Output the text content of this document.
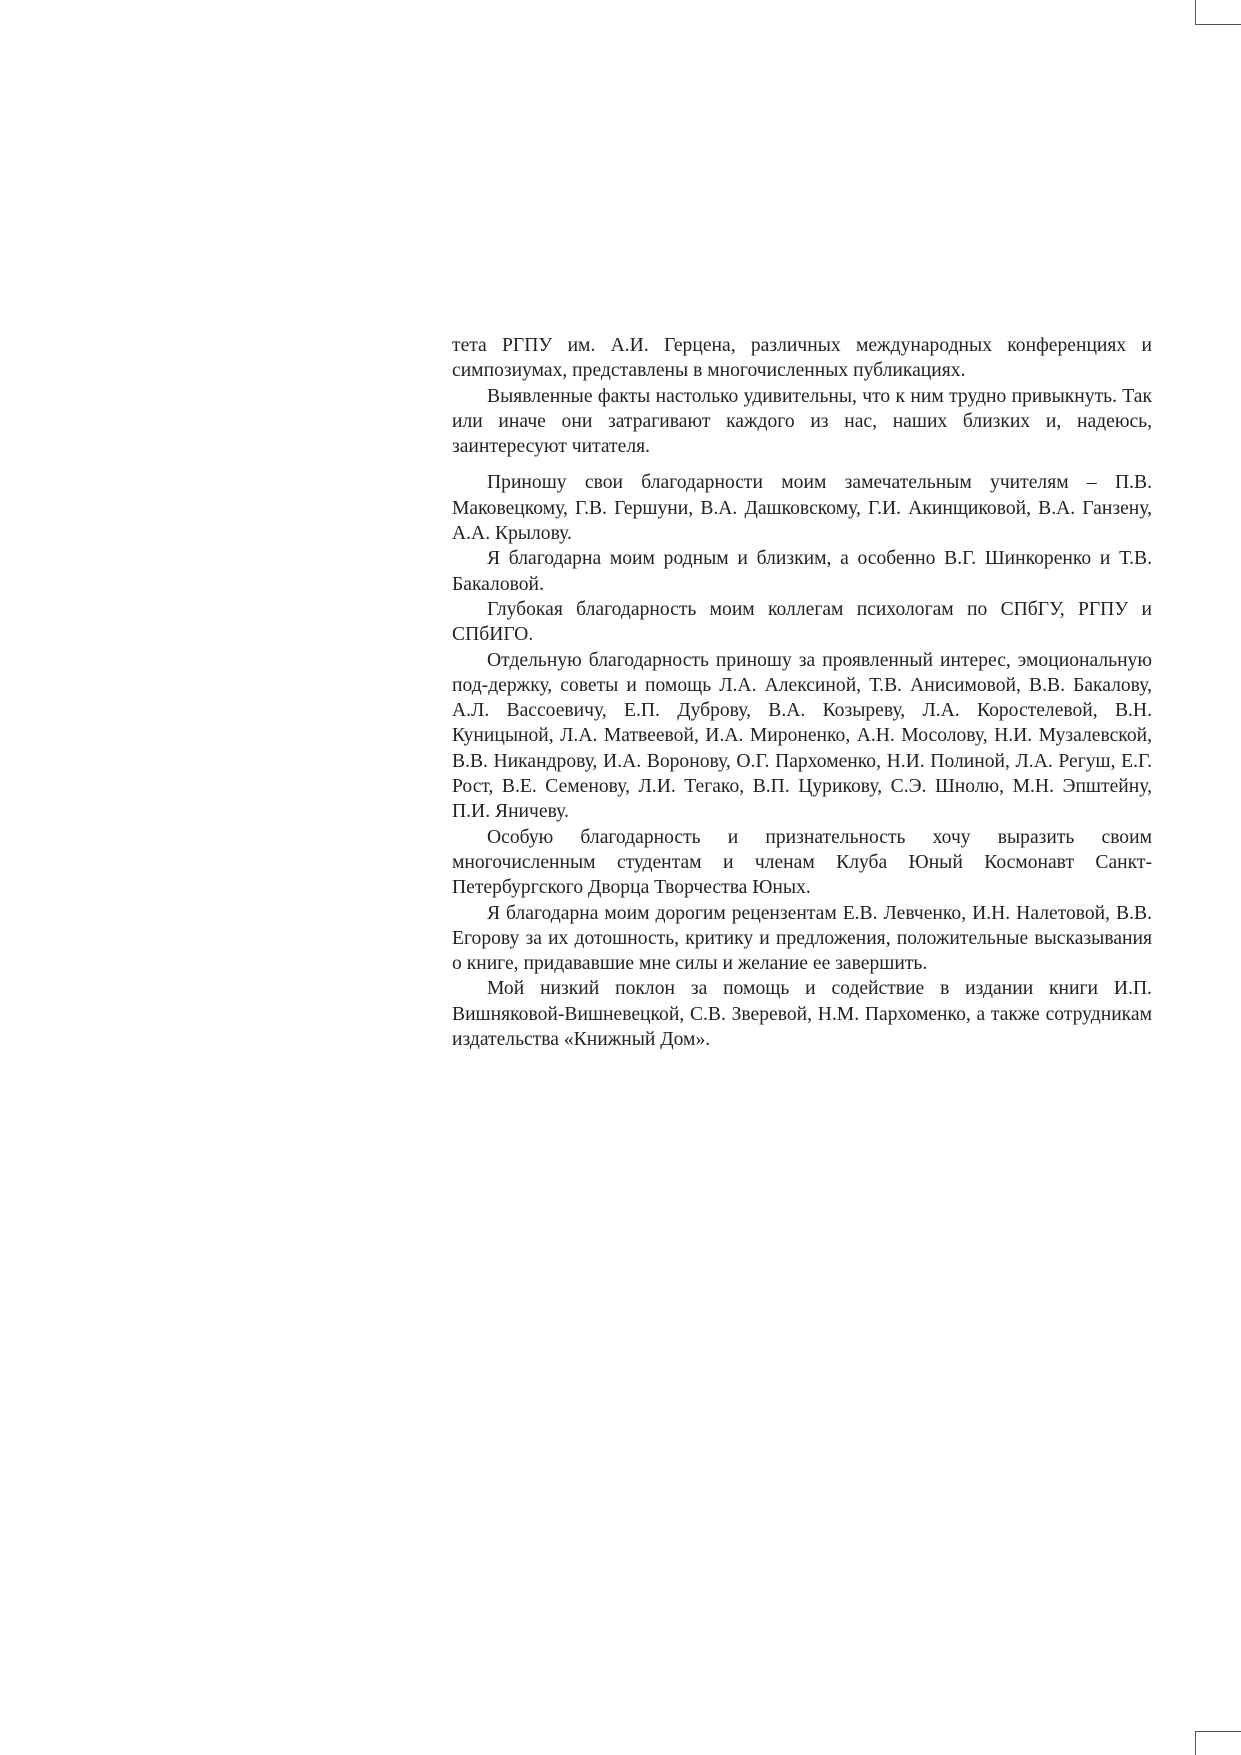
тета РГПУ им. А.И. Герцена, различных международных конференциях и симпозиумах, представлены в многочисленных публикациях.

Выявленные факты настолько удивительны, что к ним трудно привыкнуть. Так или иначе они затрагивают каждого из нас, наших близких и, надеюсь, заинтересуют читателя.

Приношу свои благодарности моим замечательным учителям – П.В. Маковецкому, Г.В. Гершуни, В.А. Дашковскому, Г.И. Акинщиковой, В.А. Ганзену, А.А. Крылову.

Я благодарна моим родным и близким, а особенно В.Г. Шинкоренко и Т.В. Бакаловой.

Глубокая благодарность моим коллегам психологам по СПбГУ, РГПУ и СПбИГО.

Отдельную благодарность приношу за проявленный интерес, эмоциональную под-держку, советы и помощь Л.А. Алексиной, Т.В. Анисимовой, В.В. Бакалову, А.Л. Вассоевичу, Е.П. Дуброву, В.А. Козыреву, Л.А. Коростелевой, В.Н. Куницыной, Л.А. Матвеевой, И.А. Мироненко, А.Н. Мосолову, Н.И. Музалевской, В.В. Никандрову, И.А. Воронову, О.Г. Пархоменко, Н.И. Полиной, Л.А. Регуш, Е.Г. Рост, В.Е. Семенову, Л.И. Тегако, В.П. Цурикову, С.Э. Шнолю, М.Н. Эпштейну, П.И. Яничеву.

Особую благодарность и признательность хочу выразить своим многочисленным студентам и членам Клуба Юный Космонавт Санкт-Петербургского Дворца Творчества Юных.

Я благодарна моим дорогим рецензентам Е.В. Левченко, И.Н. Налетовой, В.В. Егорову за их дотошность, критику и предложения, положительные высказывания о книге, придававшие мне силы и желание ее завершить.

Мой низкий поклон за помощь и содействие в издании книги И.П. Вишняковой-Вишневецкой, С.В. Зверевой, Н.М. Пархоменко, а также сотрудникам издательства «Книжный Дом».
